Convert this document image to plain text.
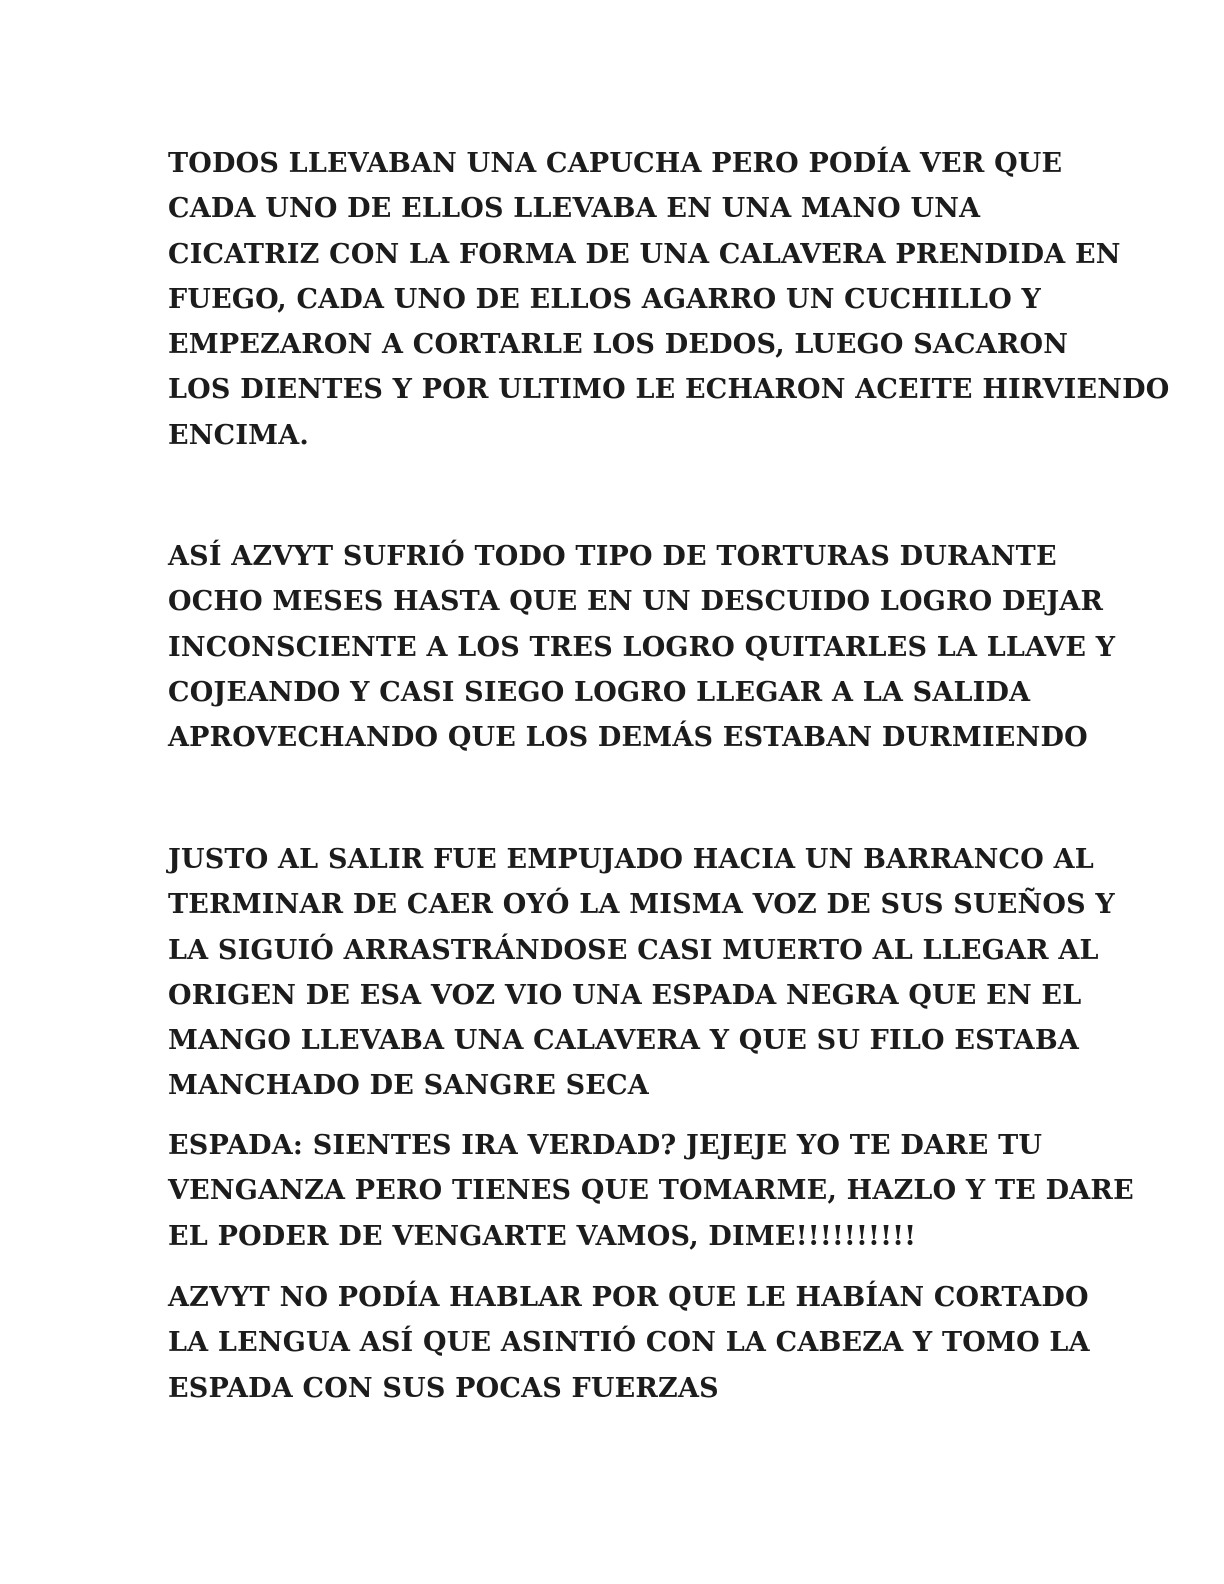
TODOS LLEVABAN UNA CAPUCHA PERO PODÍA VER QUE
CADA UNO DE ELLOS LLEVABA EN UNA MANO UNA
CICATRIZ CON LA FORMA DE UNA CALAVERA PRENDIDA EN
FUEGO, CADA UNO DE ELLOS AGARRO UN CUCHILLO Y
EMPEZARON A CORTARLE LOS DEDOS, LUEGO SACARON
LOS DIENTES Y POR ULTIMO LE ECHARON ACEITE HIRVIENDO
ENCIMA.
ASÍ AZVYT SUFRIÓ TODO TIPO DE TORTURAS DURANTE
OCHO MESES HASTA QUE EN UN DESCUIDO LOGRO DEJAR
INCONSCIENTE A LOS TRES LOGRO QUITARLES LA LLAVE Y
COJEANDO Y CASI SIEGO LOGRO LLEGAR A LA SALIDA
APROVECHANDO QUE LOS DEMÁS ESTABAN DURMIENDO
JUSTO AL SALIR FUE EMPUJADO HACIA UN BARRANCO AL
TERMINAR DE CAER OYÓ LA MISMA VOZ DE SUS SUEÑOS Y
LA SIGUIÓ ARRASTRÁNDOSE CASI MUERTO AL LLEGAR AL
ORIGEN DE ESA VOZ VIO UNA ESPADA NEGRA QUE EN EL
MANGO LLEVABA UNA CALAVERA Y QUE SU FILO ESTABA
MANCHADO DE SANGRE SECA
ESPADA: SIENTES IRA VERDAD? JEJEJE YO TE DARE TU
VENGANZA PERO TIENES QUE TOMARME, HAZLO Y TE DARE
EL PODER DE VENGARTE VAMOS, DIME!!!!!!!!!!
AZVYT NO PODÍA HABLAR POR QUE LE HABÍAN CORTADO
LA LENGUA ASÍ QUE ASINTIÓ CON LA CABEZA Y TOMO LA
ESPADA CON SUS POCAS FUERZAS
